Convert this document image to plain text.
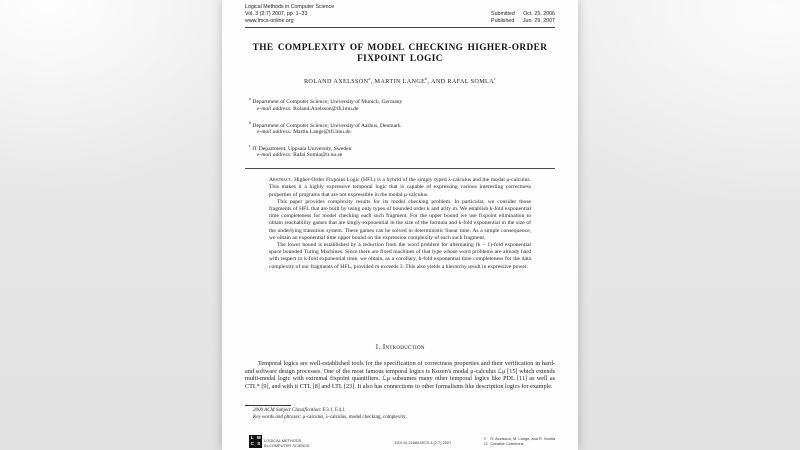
Logical Methods in Computer Science
Vol. 3 (2:7) 2007, pp. 1–33
www.lmcs-online.org
Submitted Oct. 25, 2006
Published Jun. 29, 2007
THE COMPLEXITY OF MODEL CHECKING HIGHER-ORDER
FIXPOINT LOGIC
ROLAND AXELSSON$^a$, MARTIN LANGE$^b$, AND RAFAL SOMLA$^c$
$^a$ Department of Computer Science, University of Munich, Germany
e-mail address: Roland.Axelsson@ifi.lmu.de
$^b$ Department of Computer Science, University of Aarhus, Denmark
e-mail address: Martin.Lange@ifi.lmu.de
$^c$ IT Department, Uppsala University, Sweden
e-mail address: Rafal.Somla@it.uu.se

Abstract. Higher-Order Fixpoint Logic (HFL) is a hybrid of the simply typed λ-calculus and the modal μ-calculus. This makes it a highly expressive temporal logic that is capable of expressing various interesting correctness properties of programs that are not expressible in the modal μ-calculus.

This paper provides complexity results for its model checking problem. In particular, we consider those fragments of HFL that are built by using only types of bounded order k and arity m. We establish k-fold exponential time completeness for model checking each such fragment. For the upper bound we use fixpoint elimination to obtain reachability games that are singly-exponential in the size of the formula and k-fold exponential in the size of the underlying transition system. These games can be solved in deterministic linear time. As a simple consequence, we obtain an exponential time upper bound on the expression complexity of each such fragment.

The lower bound is established by a reduction from the word problem for alternating (k − 1)-fold exponential space bounded Turing Machines. Since there are fixed machines of that type whose word problems are already hard with respect to k-fold exponential time, we obtain, as a corollary, k-fold exponential time completeness for the data complexity of our fragments of HFL, provided m exceeds 3. This also yields a hierarchy result in expressive power.

1. Introduction

Temporal logics are well-established tools for the specification of correctness properties and their verification in hard- and software design processes. One of the most famous temporal logics is Kozen's modal μ-calculus ℒμ [15] which extends multi-modal logic with extremal fixpoint quantifiers. ℒμ subsumes many other temporal logics like PDL [11] as well as CTL* [9], and with it CTL [8] and LTL [23]. It also has connections to other formalisms like description logics for example.

2000 ACM Subject Classification: F.3.1, F.4.1.
Key words and phrases: μ-calculus, λ-calculus, model checking, complexity.
L M
C S
LOGICAL METHODS
IN COMPUTER SCIENCE	DOI:10.2168/LMCS-3 (2:7) 2007
©
cc
R. Axelsson, M. Lange, and R. Somla
Creative Commons
